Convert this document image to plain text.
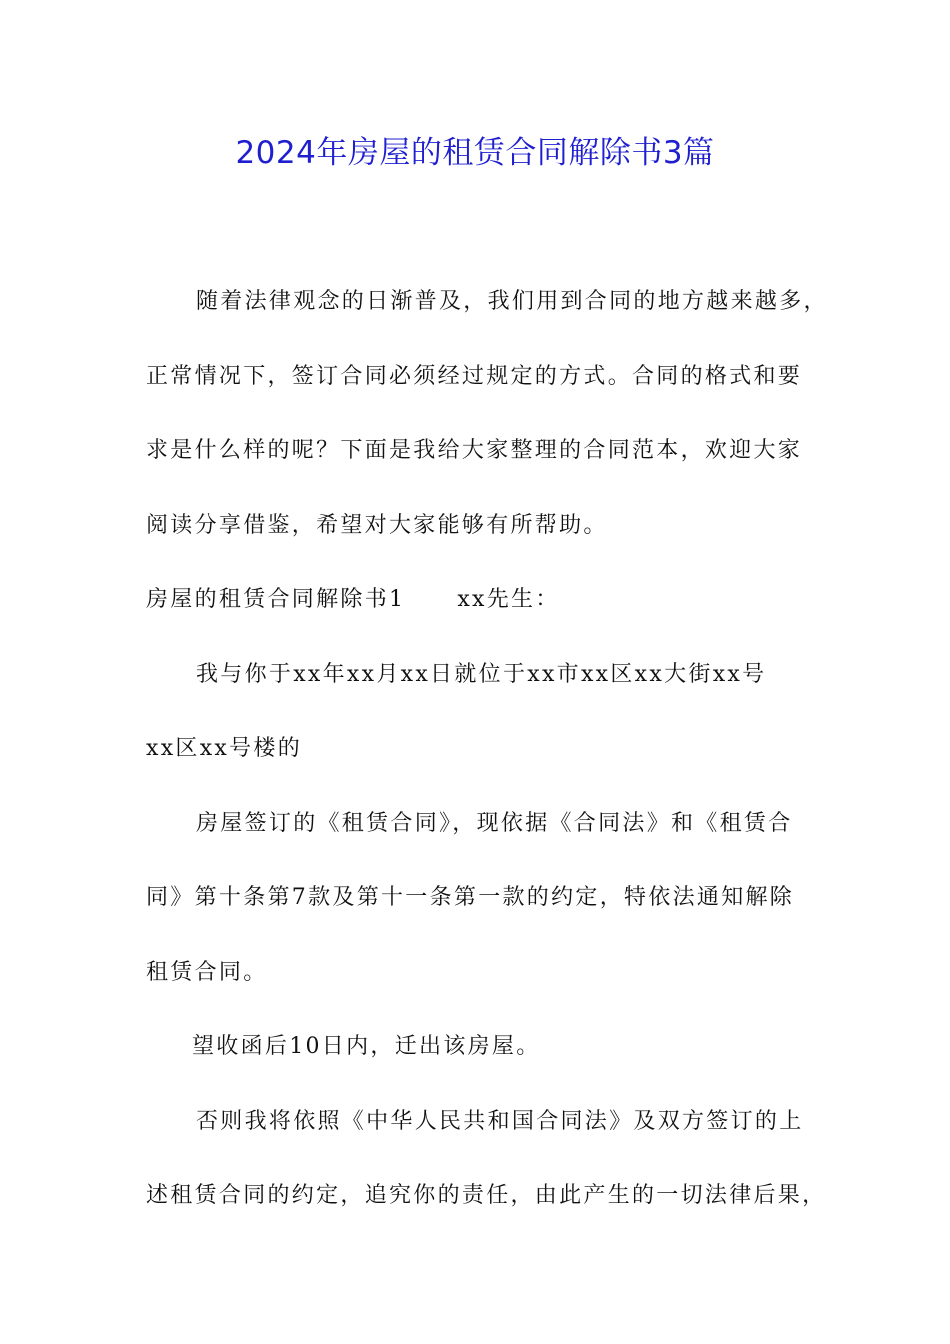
2024年房屋的租赁合同解除书3篇
随着法律观念的日渐普及，我们用到合同的地方越来越多，
正常情况下，签订合同必须经过规定的方式。合同的格式和要
求是什么样的呢？下面是我给大家整理的合同范本，欢迎大家
阅读分享借鉴，希望对大家能够有所帮助。
房屋的租赁合同解除书1 xx先生：
我与你于xx年xx月xx日就位于xx市xx区xx大街xx号
xx区xx号楼的
房屋签订的《租赁合同》，现依据《合同法》和《租赁合
同》第十条第7款及第十一条第一款的约定，特依法通知解除
租赁合同。
望收函后10日内，迁出该房屋。
否则我将依照《中华人民共和国合同法》及双方签订的上
述租赁合同的约定，追究你的责任，由此产生的一切法律后果，
